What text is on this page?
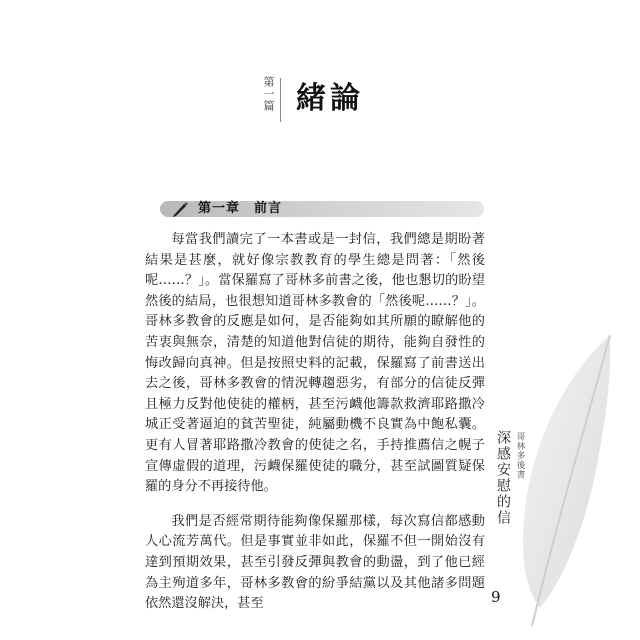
第一篇 緒論
第一章　前言

每當我們讀完了一本書或是一封信，我們總是期盼著結果是甚麼，就好像宗教教育的學生總是問著：「然後呢……？」。當保羅寫了哥林多前書之後，他也懇切的盼望然後的結局，也很想知道哥林多教會的「然後呢……？」。哥林多教會的反應是如何，是否能夠如其所願的瞭解他的苦衷與無奈，清楚的知道他對信徒的期待，能夠自發性的悔改歸向真神。但是按照史料的記載，保羅寫了前書送出去之後，哥林多教會的情況轉趨惡劣，有部分的信徒反彈且極力反對他使徒的權柄，甚至污衊他籌款救濟耶路撒冷城正受著逼迫的貧苦聖徒，純屬動機不良實為中飽私囊。更有人冒著耶路撒冷教會的使徒之名，手持推薦信之幌子宣傳虛假的道理，污衊保羅使徒的職分，甚至試圖質疑保羅的身分不再接待他。

我們是否經常期待能夠像保羅那樣，每次寫信都感動人心流芳萬代。但是事實並非如此，保羅不但一開始沒有達到預期效果，甚至引發反彈與教會的動盪，到了他已經為主殉道多年，哥林多教會的紛爭結黨以及其他諸多問題依然還沒解決，甚至

哥林多後書
深感安慰的信
9
